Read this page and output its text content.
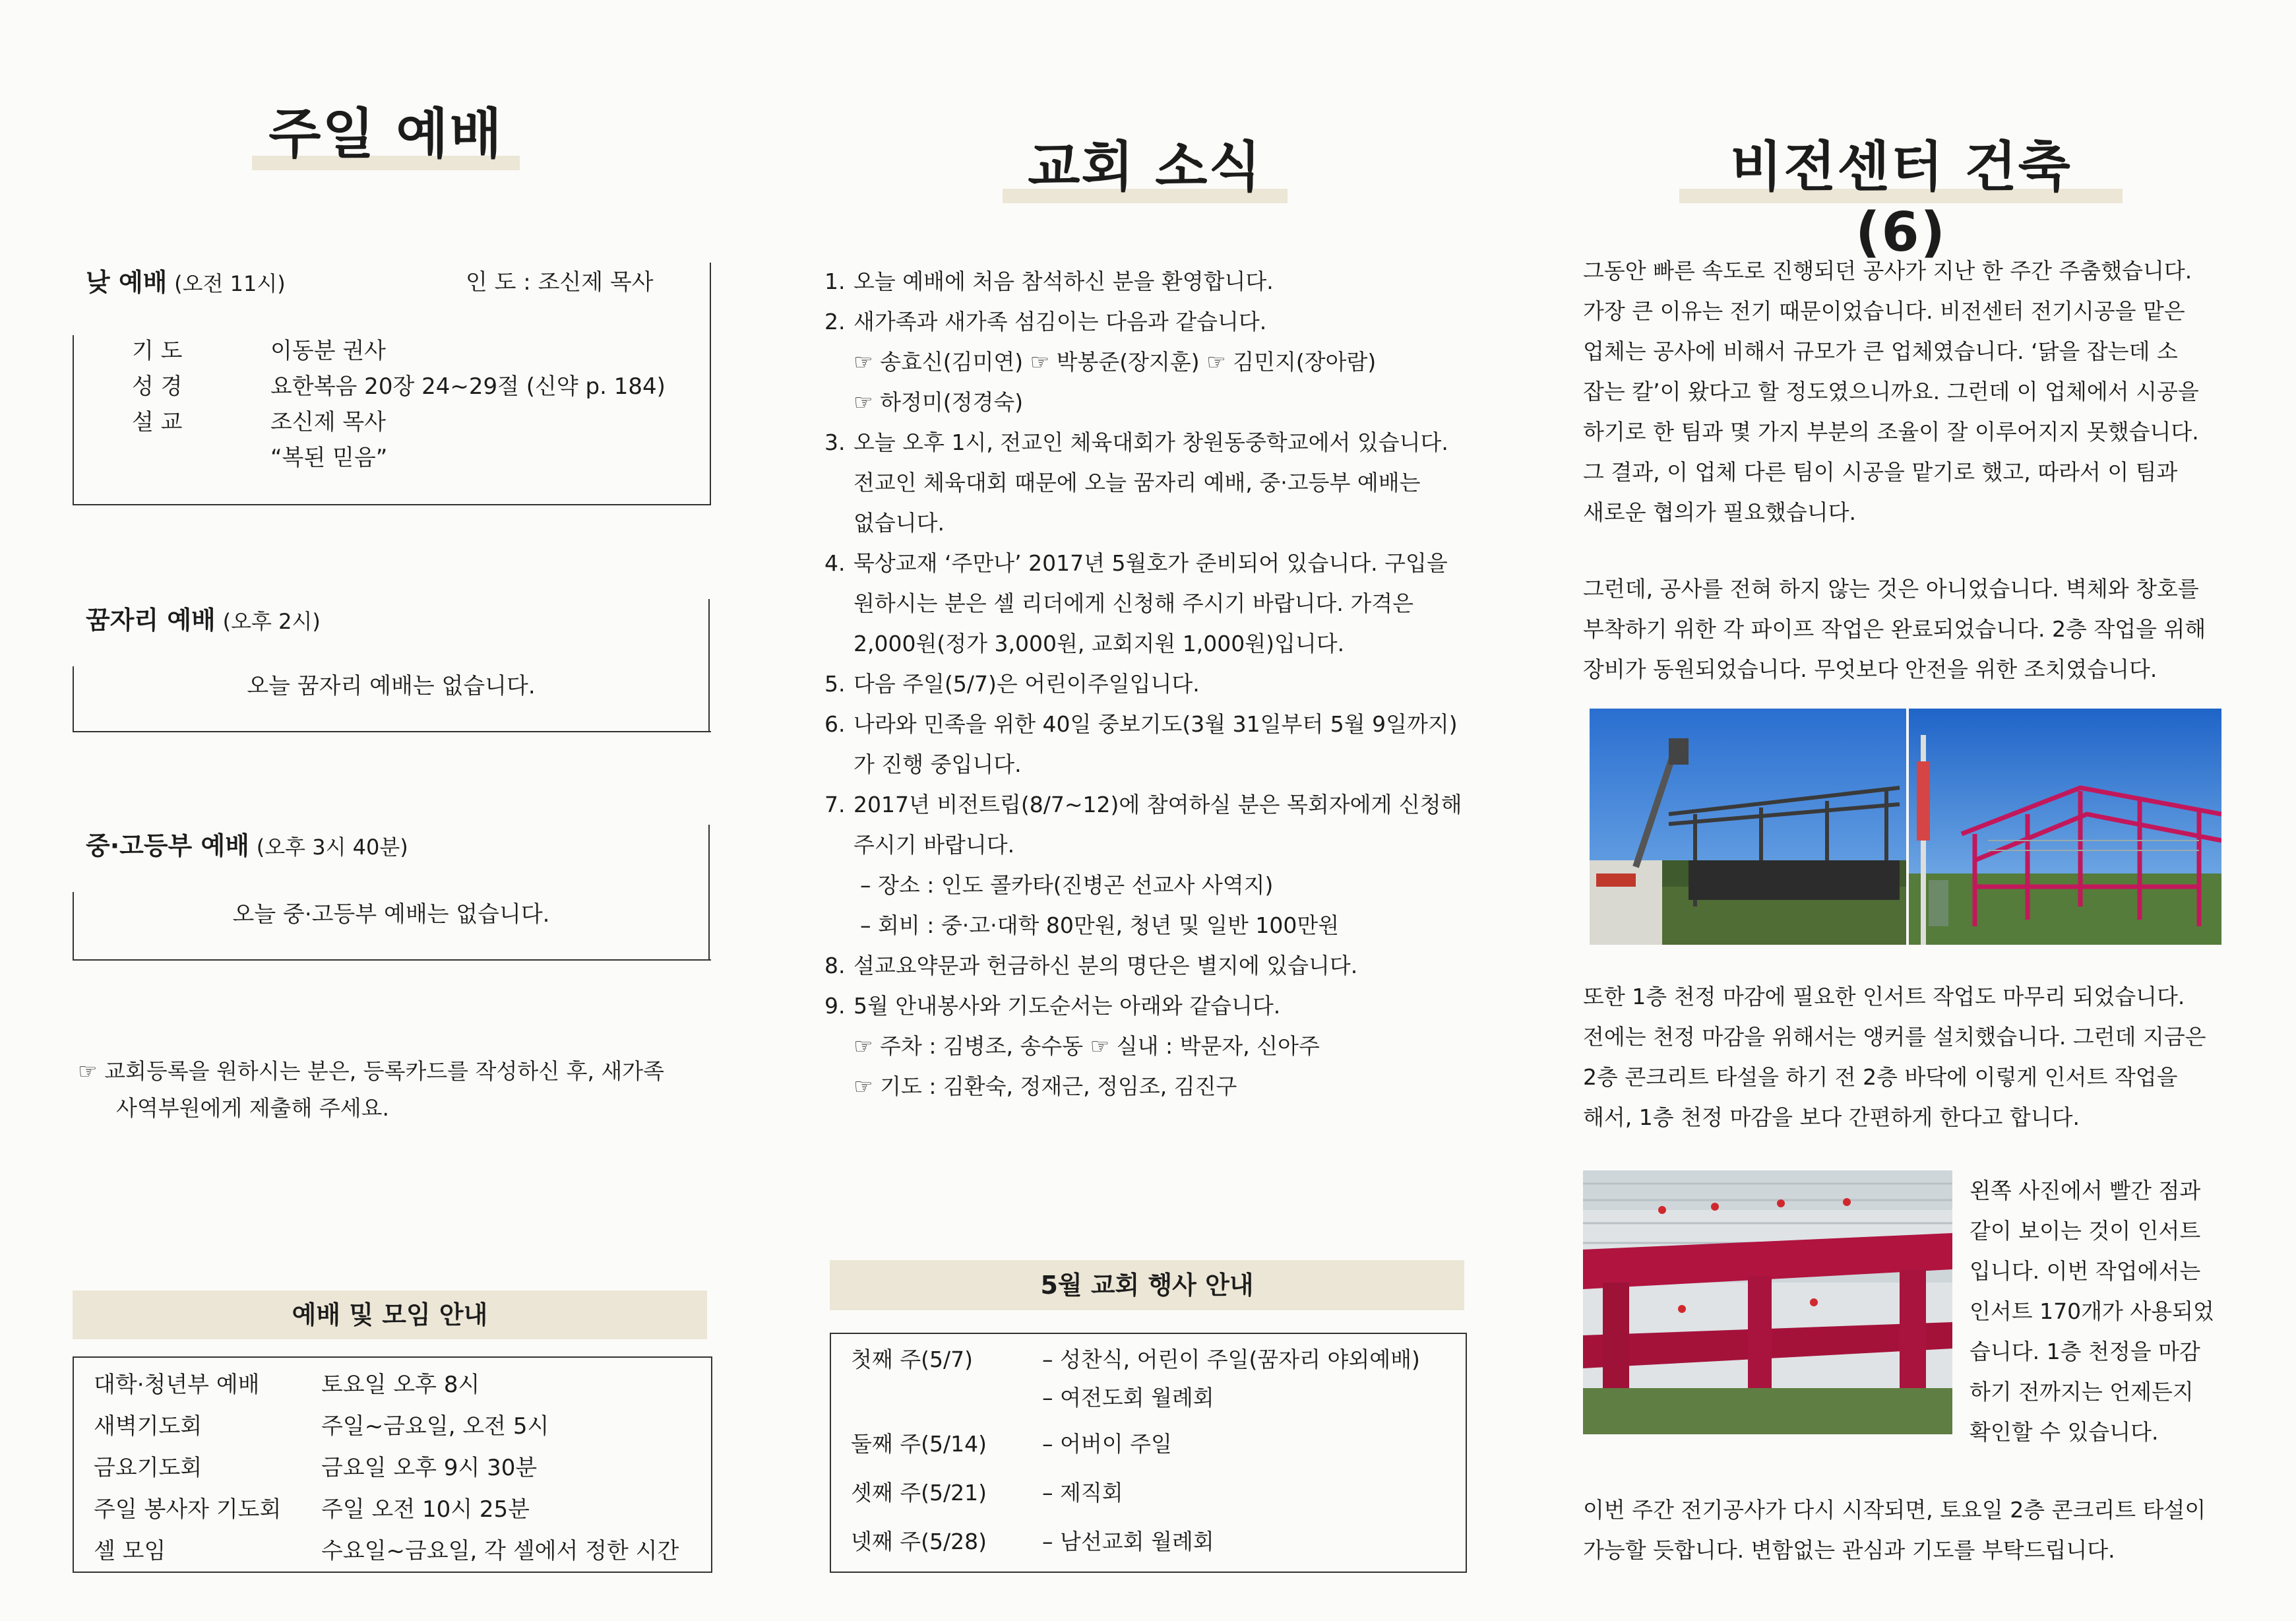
주일 예배
낮 예배 (오전 11시)	인 도 : 조신제 목사
기 도	이동분 권사
성 경	요한복음 20장 24~29절 (신약 p. 184)
설 교	조신제 목사
“복된 믿음”
꿈자리 예배 (오후 2시)
오늘 꿈자리 예배는 없습니다.
중·고등부 예배 (오후 3시 40분)
오늘 중·고등부 예배는 없습니다.
☞ 교회등록을 원하시는 분은, 등록카드를 작성하신 후, 새가족
사역부원에게 제출해 주세요.
예배 및 모임 안내
대학·청년부 예배	토요일 오후 8시
새벽기도회	주일~금요일, 오전 5시
금요기도회	금요일 오후 9시 30분
주일 봉사자 기도회	주일 오전 10시 25분
셀 모임	수요일~금요일, 각 셀에서 정한 시간
교회 소식
1. 오늘 예배에 처음 참석하신 분을 환영합니다.
2. 새가족과 새가족 섬김이는 다음과 같습니다.
☞ 송효신(김미연) ☞ 박봉준(장지훈) ☞ 김민지(장아람)
☞ 하정미(정경숙)
3. 오늘 오후 1시, 전교인 체육대회가 창원동중학교에서 있습니다.
전교인 체육대회 때문에 오늘 꿈자리 예배, 중·고등부 예배는
없습니다.
4. 묵상교재 ‘주만나’ 2017년 5월호가 준비되어 있습니다. 구입을
원하시는 분은 셀 리더에게 신청해 주시기 바랍니다. 가격은
2,000원(정가 3,000원, 교회지원 1,000원)입니다.
5. 다음 주일(5/7)은 어린이주일입니다.
6. 나라와 민족을 위한 40일 중보기도(3월 31일부터 5월 9일까지)
가 진행 중입니다.
7. 2017년 비전트립(8/7~12)에 참여하실 분은 목회자에게 신청해
주시기 바랍니다.
– 장소 : 인도 콜카타(진병곤 선교사 사역지)
– 회비 : 중·고·대학 80만원, 청년 및 일반 100만원
8. 설교요약문과 헌금하신 분의 명단은 별지에 있습니다.
9. 5월 안내봉사와 기도순서는 아래와 같습니다.
☞ 주차 : 김병조, 송수동 ☞ 실내 : 박문자, 신아주
☞ 기도 : 김환숙, 정재근, 정임조, 김진구
5월 교회 행사 안내
첫째 주(5/7)	– 성찬식, 어린이 주일(꿈자리 야외예배)
– 여전도회 월례회
둘째 주(5/14)	– 어버이 주일
셋째 주(5/21)	– 제직회
넷째 주(5/28)	– 남선교회 월례회
비전센터 건축 (6)
그동안 빠른 속도로 진행되던 공사가 지난 한 주간 주춤했습니다.
가장 큰 이유는 전기 때문이었습니다. 비전센터 전기시공을 맡은
업체는 공사에 비해서 규모가 큰 업체였습니다. ‘닭을 잡는데 소
잡는 칼’이 왔다고 할 정도였으니까요. 그런데 이 업체에서 시공을
하기로 한 팀과 몇 가지 부분의 조율이 잘 이루어지지 못했습니다.
그 결과, 이 업체 다른 팀이 시공을 맡기로 했고, 따라서 이 팀과
새로운 협의가 필요했습니다.
그런데, 공사를 전혀 하지 않는 것은 아니었습니다. 벽체와 창호를
부착하기 위한 각 파이프 작업은 완료되었습니다. 2층 작업을 위해
장비가 동원되었습니다. 무엇보다 안전을 위한 조치였습니다.
또한 1층 천정 마감에 필요한 인서트 작업도 마무리 되었습니다.
전에는 천정 마감을 위해서는 앵커를 설치했습니다. 그런데 지금은
2층 콘크리트 타설을 하기 전 2층 바닥에 이렇게 인서트 작업을
해서, 1층 천정 마감을 보다 간편하게 한다고 합니다.
왼쪽 사진에서 빨간 점과
같이 보이는 것이 인서트
입니다. 이번 작업에서는
인서트 170개가 사용되었
습니다. 1층 천정을 마감
하기 전까지는 언제든지
확인할 수 있습니다.
이번 주간 전기공사가 다시 시작되면, 토요일 2층 콘크리트 타설이
가능할 듯합니다. 변함없는 관심과 기도를 부탁드립니다.
